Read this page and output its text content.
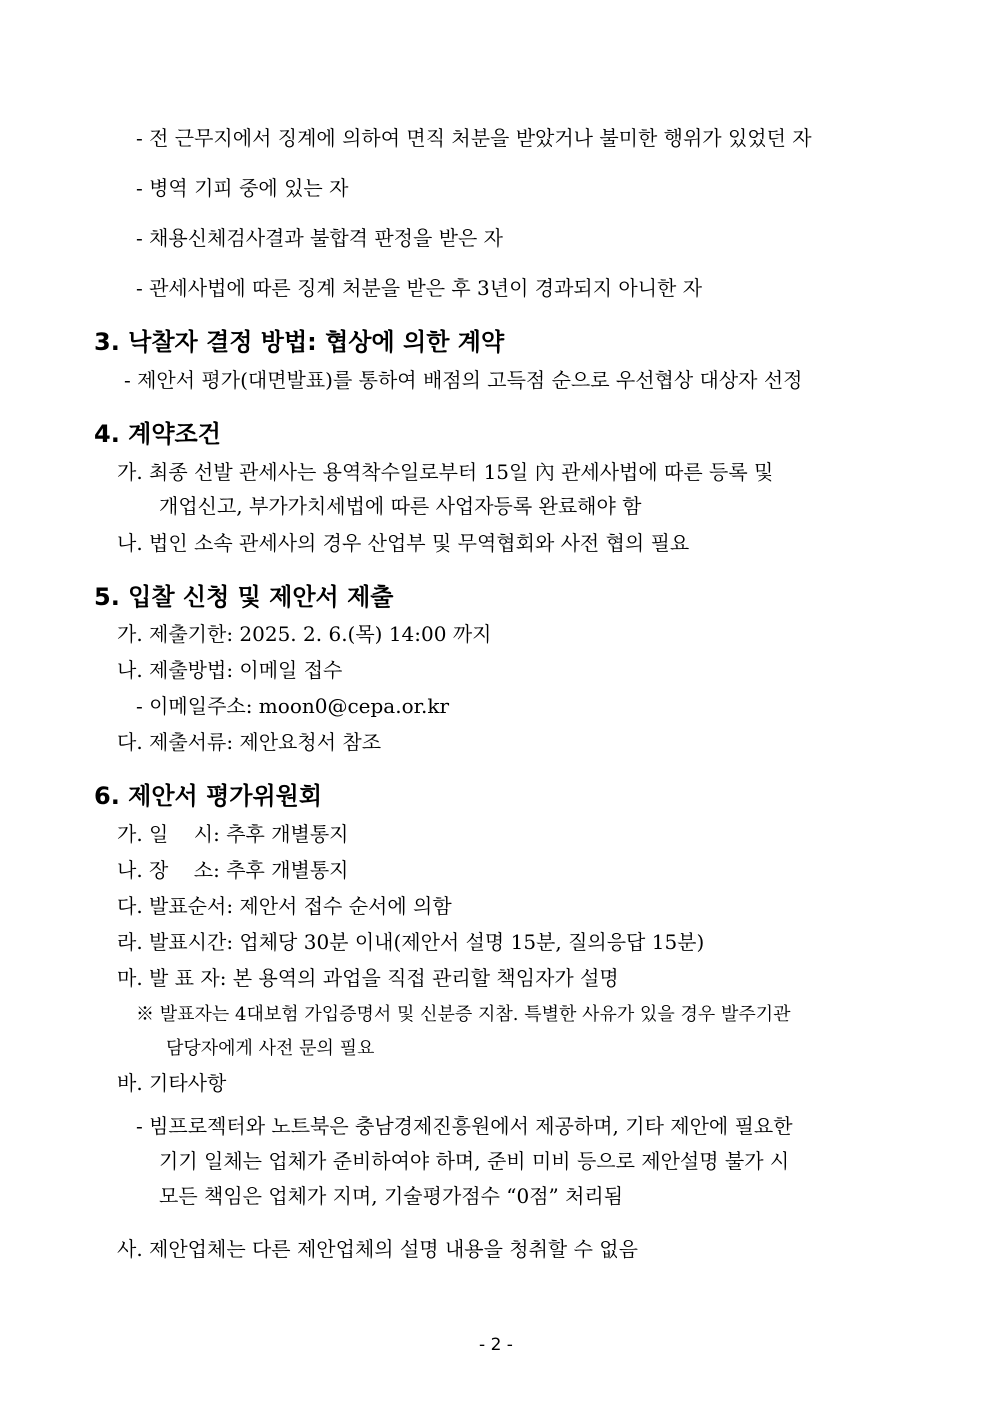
- 전 근무지에서 징계에 의하여 면직 처분을 받았거나 불미한 행위가 있었던 자
- 병역 기피 중에 있는 자
- 채용신체검사결과 불합격 판정을 받은 자
- 관세사법에 따른 징계 처분을 받은 후 3년이 경과되지 아니한 자
3. 낙찰자 결정 방법: 협상에 의한 계약
- 제안서 평가(대면발표)를 통하여 배점의 고득점 순으로 우선협상 대상자 선정
4. 계약조건
가. 최종 선발 관세사는 용역착수일로부터 15일 內 관세사법에 따른 등록 및
개업신고, 부가가치세법에 따른 사업자등록 완료해야 함
나. 법인 소속 관세사의 경우 산업부 및 무역협회와 사전 협의 필요
5. 입찰 신청 및 제안서 제출
가. 제출기한: 2025. 2. 6.(목) 14:00 까지
나. 제출방법: 이메일 접수
- 이메일주소: moon0@cepa.or.kr
다. 제출서류: 제안요청서 참조
6. 제안서 평가위원회
가. 일    시: 추후 개별통지
나. 장    소: 추후 개별통지
다. 발표순서: 제안서 접수 순서에 의함
라. 발표시간: 업체당 30분 이내(제안서 설명 15분, 질의응답 15분)
마. 발 표 자: 본 용역의 과업을 직접 관리할 책임자가 설명
※ 발표자는 4대보험 가입증명서 및 신분증 지참. 특별한 사유가 있을 경우 발주기관
담당자에게 사전 문의 필요
바. 기타사항
- 빔프로젝터와 노트북은 충남경제진흥원에서 제공하며, 기타 제안에 필요한
기기 일체는 업체가 준비하여야 하며, 준비 미비 등으로 제안설명 불가 시
모든 책임은 업체가 지며, 기술평가점수 “0점” 처리됨
사. 제안업체는 다른 제안업체의 설명 내용을 청취할 수 없음
- 2 -
